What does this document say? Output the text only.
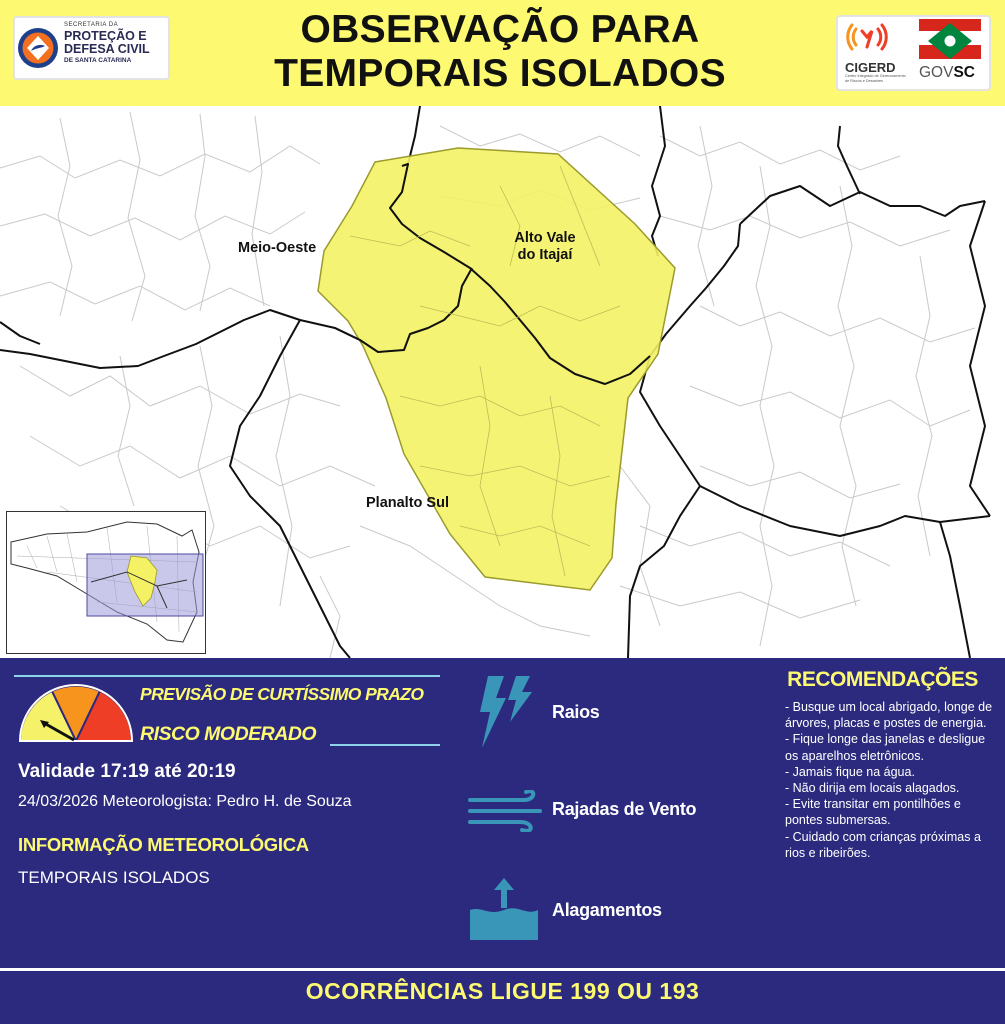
SECRETARIA DA
PROTEÇÃO E
DEFESA CIVIL
DE SANTA CATARINA
OBSERVAÇÃO PARA
TEMPORAIS ISOLADOS	CIGERD
Centro Integrado de Gerenciamento de Riscos e Desastres	GOVSC
Meio-Oeste
Alto Vale
do Itajaí
Planalto Sul
PREVISÃO DE CURTÍSSIMO PRAZO
RISCO MODERADO
Validade 17:19 até 20:19
24/03/2026 Meteorologista: Pedro H. de Souza
INFORMAÇÃO METEOROLÓGICA
TEMPORAIS ISOLADOS
Raios
Rajadas de Vento
Alagamentos
RECOMENDAÇÕES
- Busque um local abrigado, longe de árvores, placas e postes de energia.
- Fique longe das janelas e desligue os aparelhos eletrônicos.
- Jamais fique na água.
- Não dirija em locais alagados.
- Evite transitar em pontilhões e pontes submersas.
- Cuidado com crianças próximas a rios e ribeirões.
OCORRÊNCIAS LIGUE 199 OU 193
